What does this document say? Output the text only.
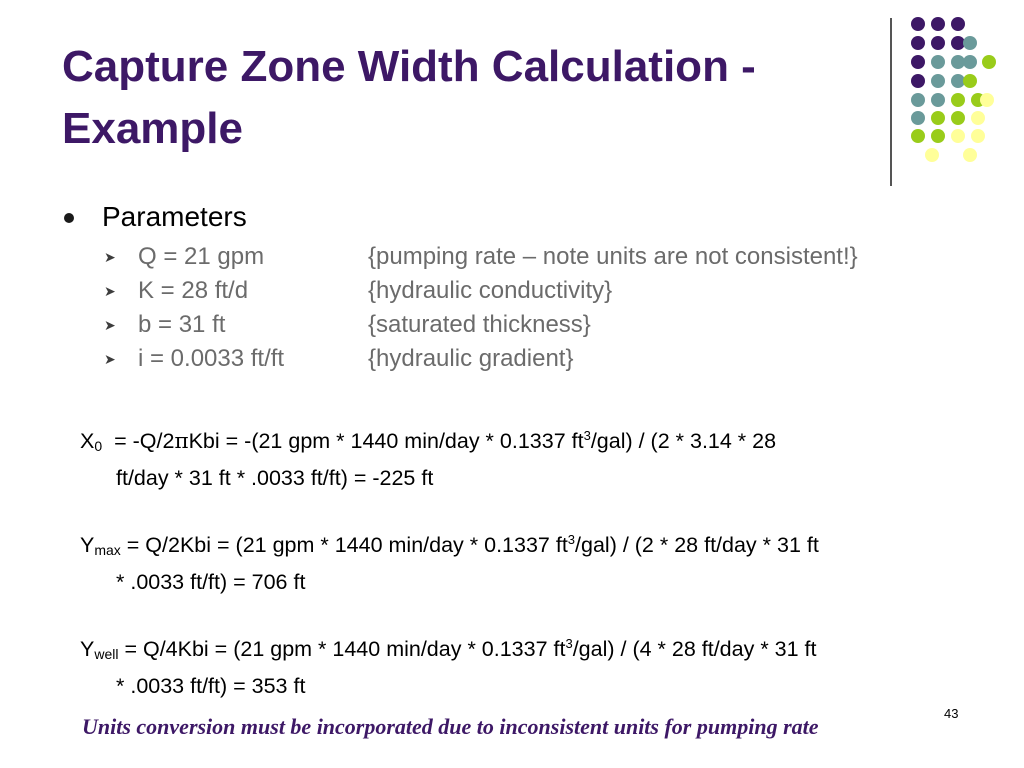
Capture Zone Width Calculation -
Example
Parameters
➤ Q = 21 gpm	{pumping rate – note units are not consistent!}
➤ K = 28 ft/d	{hydraulic conductivity}
➤ b = 31 ft	{saturated thickness}
➤ i = 0.0033 ft/ft	{hydraulic gradient}
$X_0 = -Q/2\pi Kbi = -(21$ gpm * 1440 min/day * 0.1337 $ft^3/gal) / (2 * 3.14 * 28$
ft/day * 31 ft * .0033 ft/ft) = -225 ft
$Y_{max} = Q/2Kbi = (21$ gpm * 1440 min/day * 0.1337 $ft^3/gal) / (2 * 28$ ft/day * 31 ft
* .0033 ft/ft) = 706 ft
$Y_{well} = Q/4Kbi = (21$ gpm * 1440 min/day * 0.1337 $ft^3/gal) / (4 * 28$ ft/day * 31 ft
* .0033 ft/ft) = 353 ft
Units conversion must be incorporated due to inconsistent units for pumping rate
43
